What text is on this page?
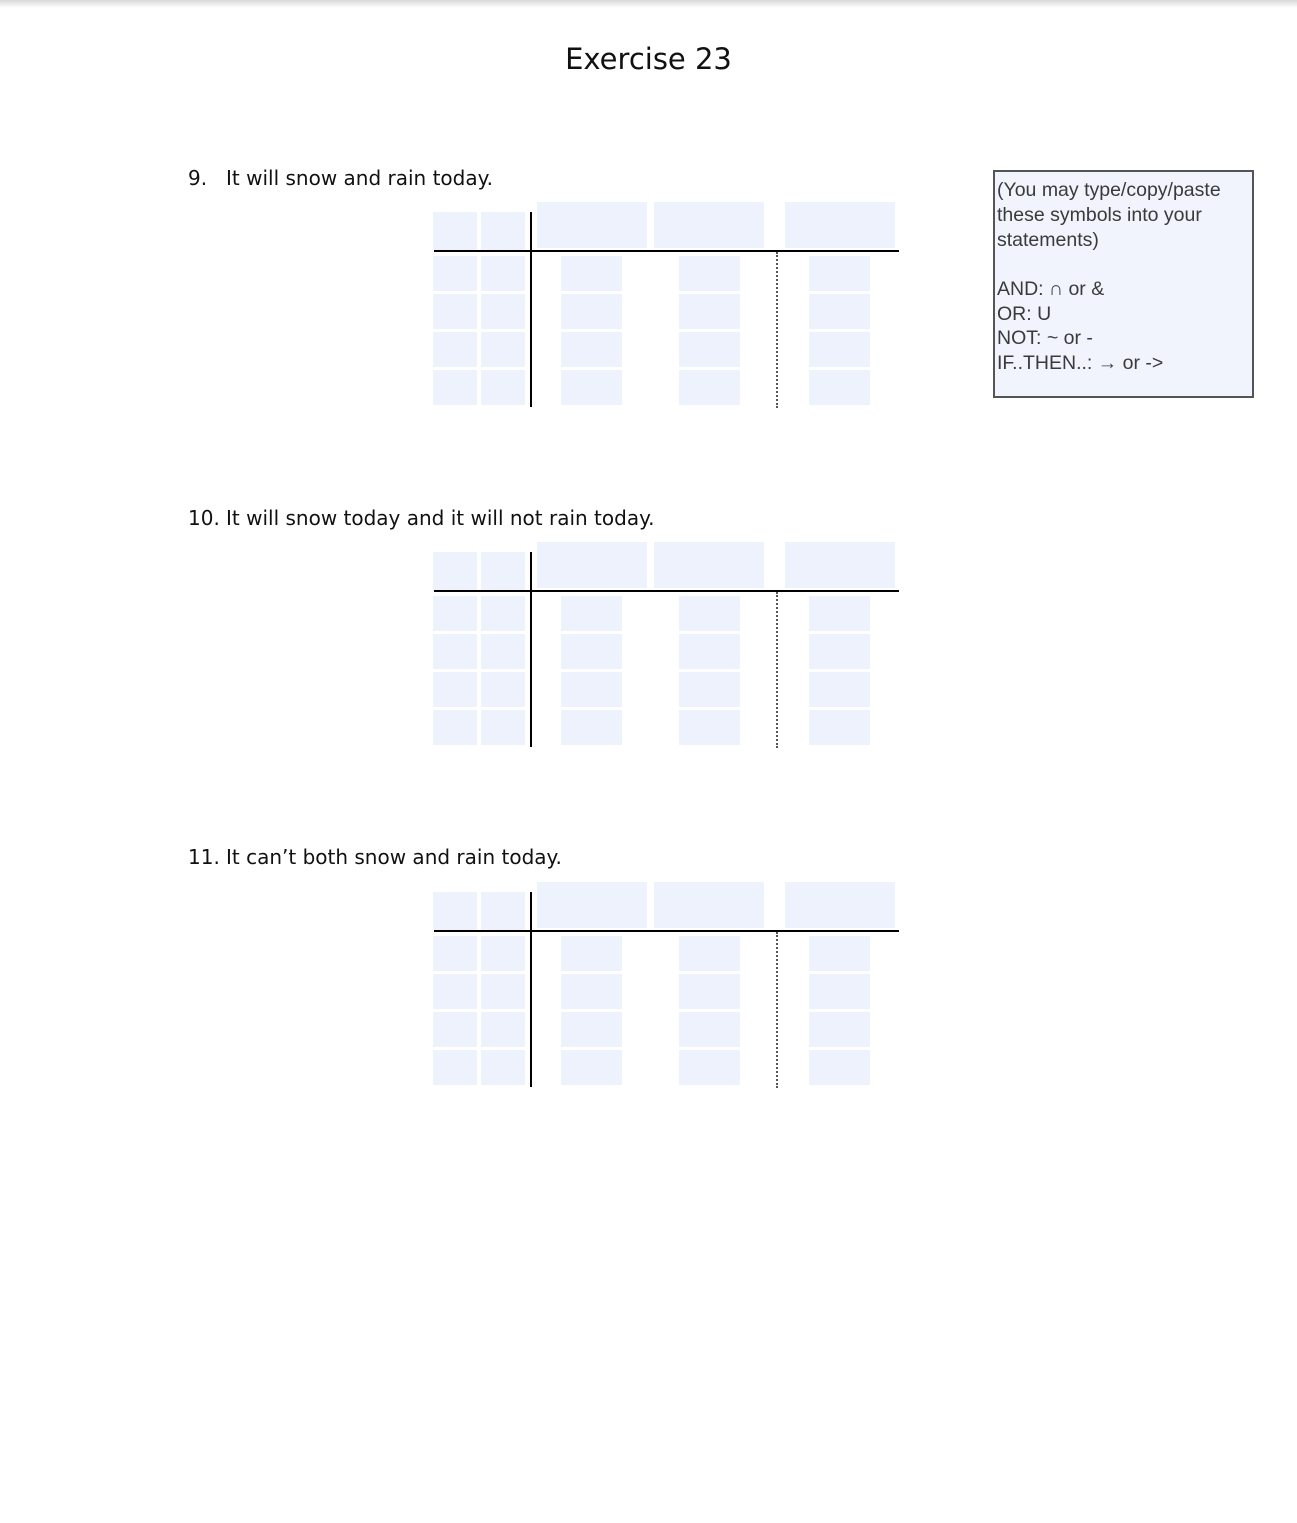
Exercise 23
9. It will snow and rain today.
10. It will snow today and it will not rain today.
11. It can’t both snow and rain today.

(You may type/copy/paste

these symbols into your

statements)

AND: ∩ or &

OR: U

NOT: ~ or -

IF..THEN..: → or ->
